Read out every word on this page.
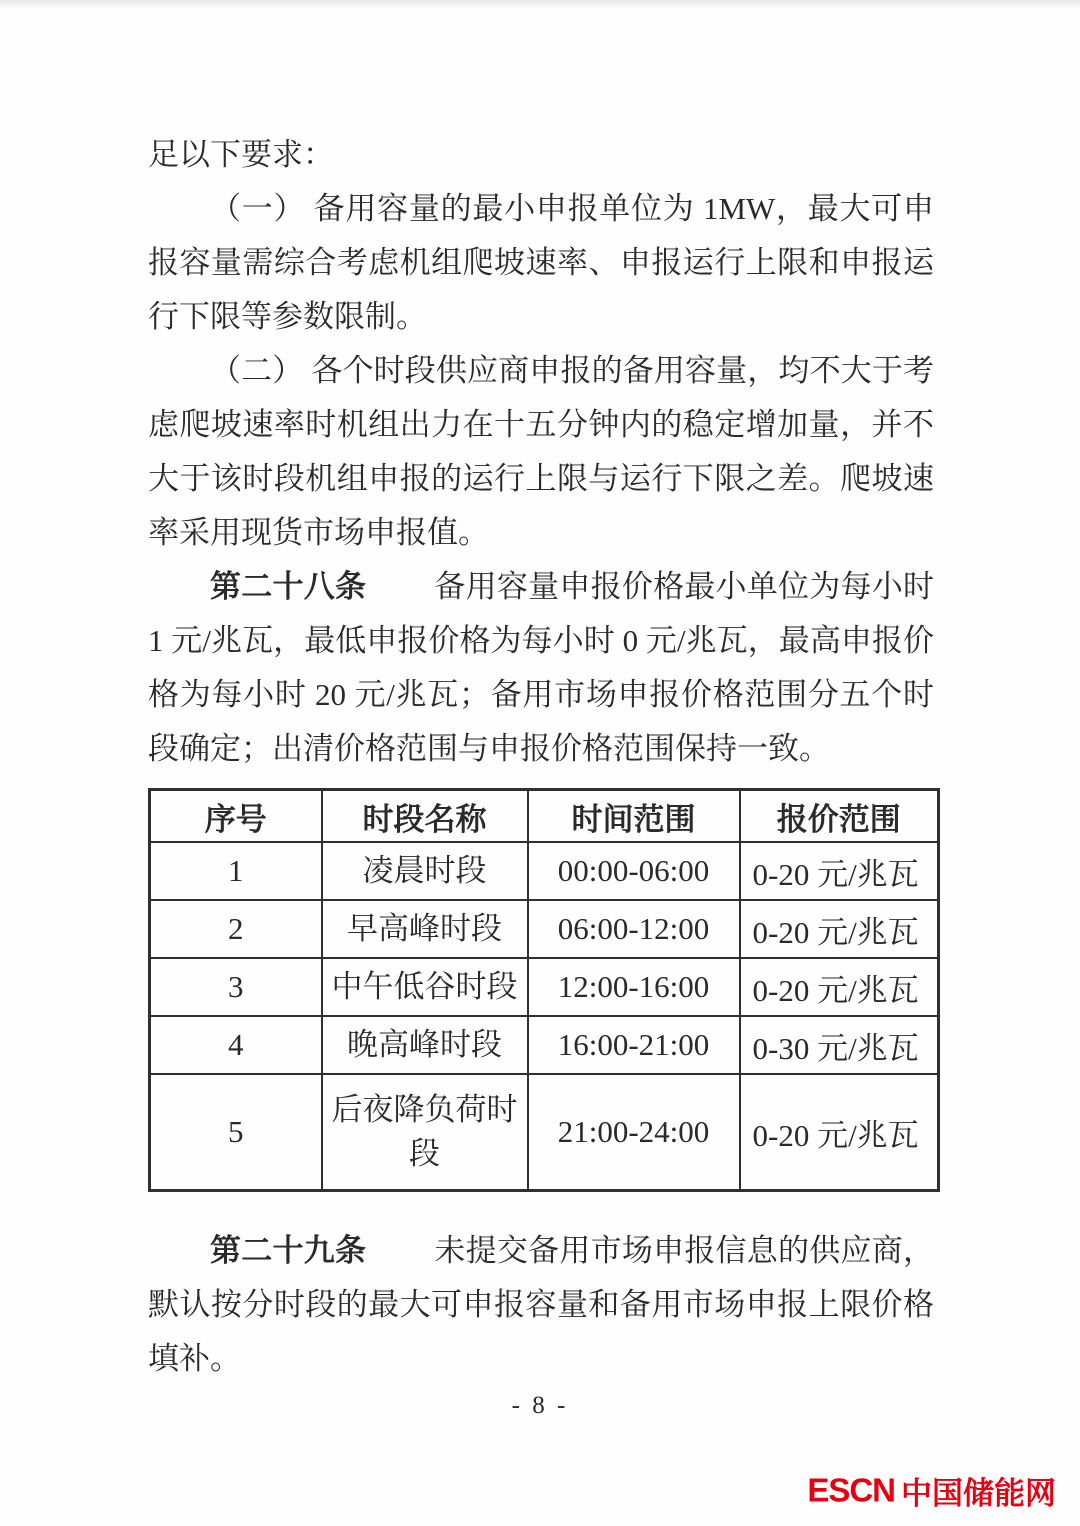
足以下要求：

（一） 备用容量的最小申报单位为 1MW，最大可申报容量需综合考虑机组爬坡速率、申报运行上限和申报运行下限等参数限制。

（二） 各个时段供应商申报的备用容量，均不大于考虑爬坡速率时机组出力在十五分钟内的稳定增加量，并不大于该时段机组申报的运行上限与运行下限之差。爬坡速率采用现货市场申报值。

第二十八条 备用容量申报价格最小单位为每小时 1 元/兆瓦，最低申报价格为每小时 0 元/兆瓦，最高申报价格为每小时 20 元/兆瓦；备用市场申报价格范围分五个时段确定；出清价格范围与申报价格范围保持一致。

序号	时段名称	时间范围	报价范围
1	凌晨时段	00:00-06:00	0-20 元/兆瓦
2	早高峰时段	06:00-12:00	0-20 元/兆瓦
3	中午低谷时段	12:00-16:00	0-20 元/兆瓦
4	晚高峰时段	16:00-21:00	0-30 元/兆瓦
5	后夜降负荷时段	21:00-24:00	0-20 元/兆瓦

第二十九条 未提交备用市场申报信息的供应商，默认按分时段的最大可申报容量和备用市场申报上限价格填补。

- 8 -
ESCN 中国储能网
